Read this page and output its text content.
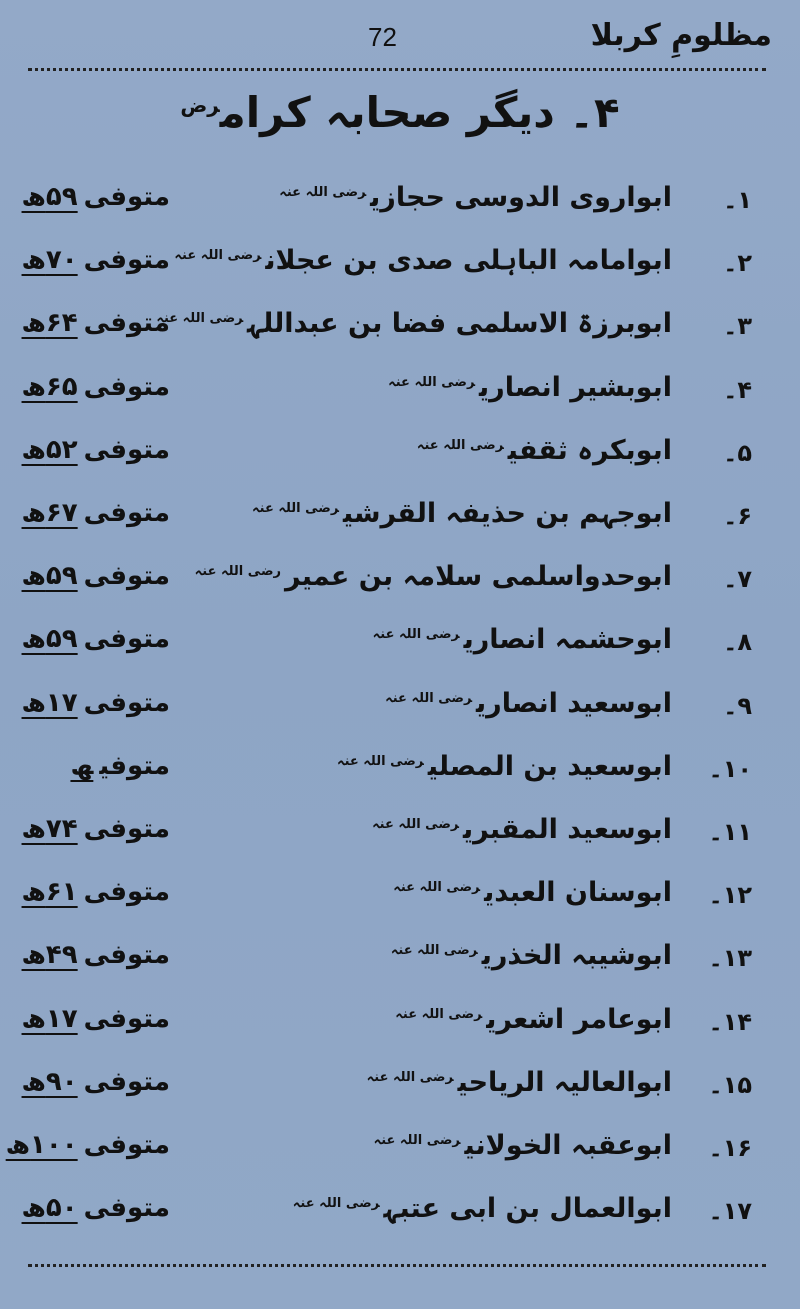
مظلومِ کربلا
72
۴۔ دیگر صحابہ کرام$^{رض}$
۱۔
ابواروی الدوسی حجازی$^{رضی اللہ عنہ}$
متوفی۵۹ھ
۲۔
ابوامامہ الباہلی صدی بن عجلان$^{رضی اللہ عنہ}$
متوفی۷۰ھ
۳۔
ابوبرزۃ الاسلمی فضا بن عبداللہ$^{رضی اللہ عنہ}$
متوفی۶۴ھ
۴۔
ابوبشیر انصاری$^{رضی اللہ عنہ}$
متوفی۶۵ھ
۵۔
ابوبکرہ ثقفی$^{رضی اللہ عنہ}$
متوفی۵۲ھ
۶۔
ابوجہم بن حذیفہ القرشی$^{رضی اللہ عنہ}$
متوفی۶۷ھ
۷۔
ابوحدواسلمی سلامہ بن عمیر$^{رضی اللہ عنہ}$
متوفی۵۹ھ
۸۔
ابوحشمہ انصاری$^{رضی اللہ عنہ}$
متوفی۵۹ھ
۹۔
ابوسعید انصاری$^{رضی اللہ عنہ}$
متوفی۱۷ھ
۱۰۔
ابوسعید بن المصلی$^{رضی اللہ عنہ}$
متوفیھ
۱۱۔
ابوسعید المقبری$^{رضی اللہ عنہ}$
متوفی۷۴ھ
۱۲۔
ابوسنان العبدی$^{رضی اللہ عنہ}$
متوفی۶۱ھ
۱۳۔
ابوشیبہ الخذری$^{رضی اللہ عنہ}$
متوفی۴۹ھ
۱۴۔
ابوعامر اشعری$^{رضی اللہ عنہ}$
متوفی۱۷ھ
۱۵۔
ابوالعالیہ الریاحی$^{رضی اللہ عنہ}$
متوفی۹۰ھ
۱۶۔
ابوعقبہ الخولانی$^{رضی اللہ عنہ}$
متوفی۱۰۰ھ
۱۷۔
ابوالعمال بن ابی عتبہ$^{رضی اللہ عنہ}$
متوفی۵۰ھ
